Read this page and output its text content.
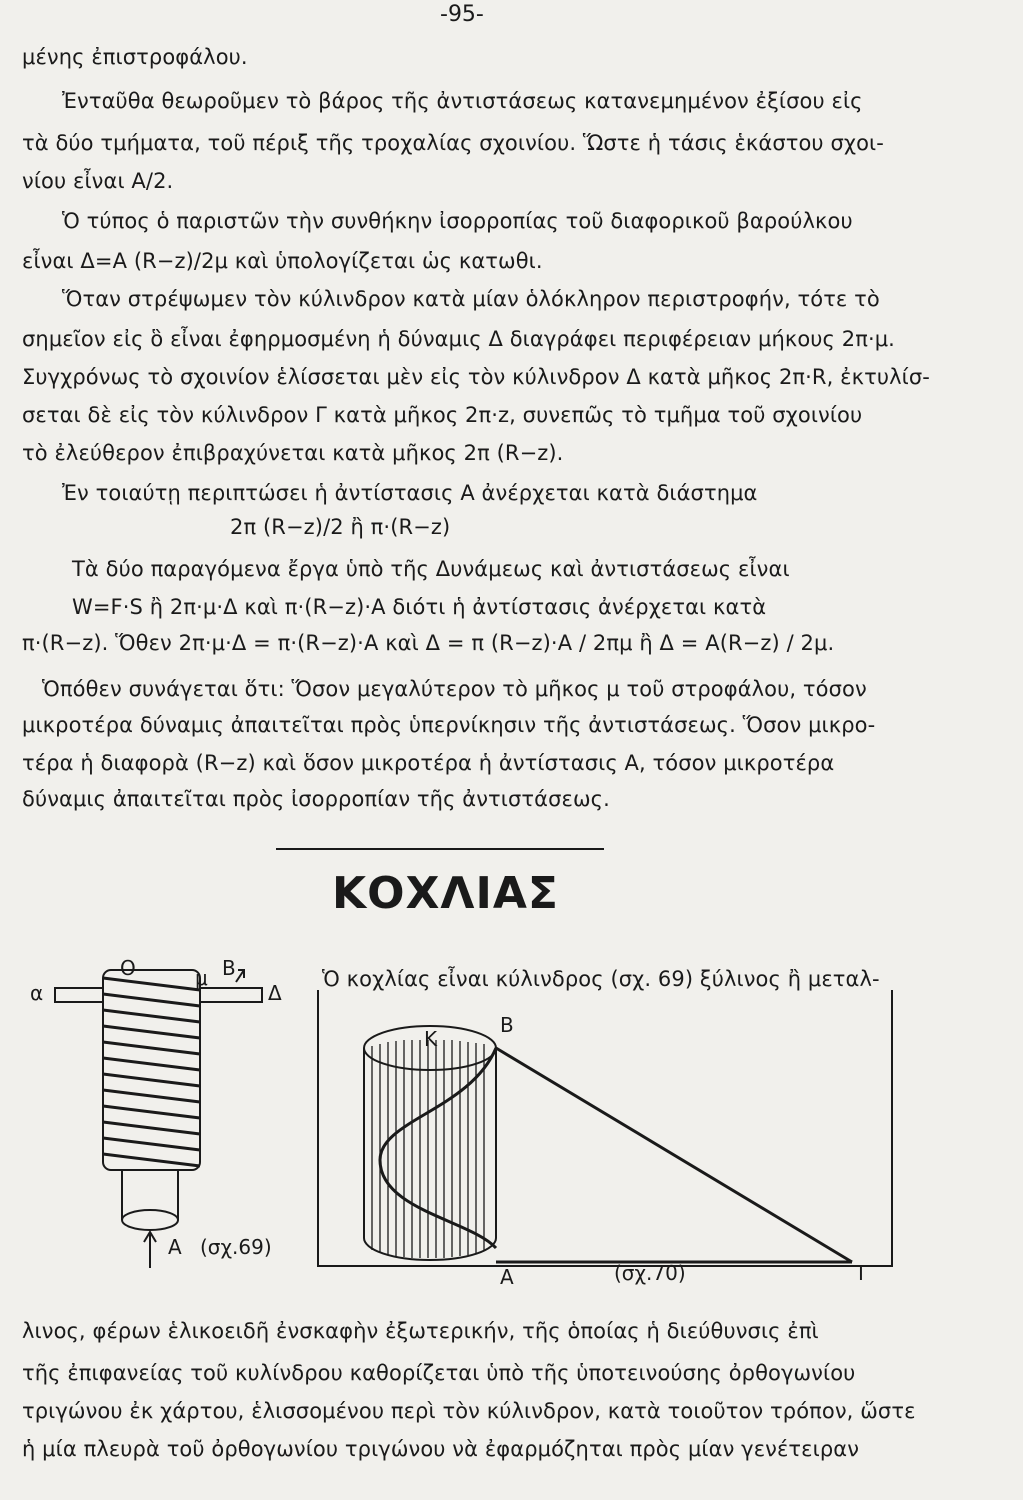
-95-
μένης ἐπιστροφάλου.
Ἐνταῦθα θεωροῦμεν τὸ βάρος τῆς ἀντιστάσεως κατανεμημένον ἐξίσου εἰς
τὰ δύο τμήματα, τοῦ πέριξ τῆς τροχαλίας σχοινίου. Ὥστε ἡ τάσις ἑκάστου σχοι-
νίου εἶναι A/2.
Ὁ τύπος ὁ παριστῶν τὴν συνθήκην ἰσορροπίας τοῦ διαφορικοῦ βαρούλκου
εἶναι Δ=A (R−z)/2μ καὶ ὑπολογίζεται ὡς κατωθι.
Ὅταν στρέψωμεν τὸν κύλινδρον κατὰ μίαν ὁλόκληρον περιστροφήν, τότε τὸ
σημεῖον εἰς ὃ εἶναι ἐφηρμοσμένη ἡ δύναμις Δ διαγράφει περιφέρειαν μήκους 2π·μ.
Συγχρόνως τὸ σχοινίον ἑλίσσεται μὲν εἰς τὸν κύλινδρον Δ κατὰ μῆκος 2π·R, ἐκτυλίσ-
σεται δὲ εἰς τὸν κύλινδρον Γ κατὰ μῆκος 2π·z, συνεπῶς τὸ τμῆμα τοῦ σχοινίου
τὸ ἐλεύθερον ἐπιβραχύνεται κατὰ μῆκος 2π (R−z).
Ἐν τοιαύτῃ περιπτώσει ἡ ἀντίστασις A ἀνέρχεται κατὰ διάστημα
2π (R−z)/2 ἢ π·(R−z)
Τὰ δύο παραγόμενα ἔργα ὑπὸ τῆς Δυνάμεως καὶ ἀντιστάσεως εἶναι
W=F·S ἢ 2π·μ·Δ καὶ π·(R−z)·A διότι ἡ ἀντίστασις ἀνέρχεται κατὰ
π·(R−z). Ὅθεν 2π·μ·Δ = π·(R−z)·A καὶ Δ = π (R−z)·A / 2πμ ἢ Δ = A(R−z) / 2μ.
Ὁπόθεν συνάγεται ὅτι: Ὅσον μεγαλύτερον τὸ μῆκος μ τοῦ στροφάλου, τόσον
μικροτέρα δύναμις ἀπαιτεῖται πρὸς ὑπερνίκησιν τῆς ἀντιστάσεως. Ὅσον μικρο-
τέρα ἡ διαφορὰ (R−z) καὶ ὅσον μικροτέρα ἡ ἀντίστασις A, τόσον μικροτέρα
δύναμις ἀπαιτεῖται πρὸς ἰσορροπίαν τῆς ἀντιστάσεως.
ΚΟΧΛΙΑΣ
Ὁ κοχλίας εἶναι κύλινδρος (σχ. 69) ξύλινος ἢ μεταλ-
α
O	μ B
Δ
A (σχ.69)
K
B
A	Γ
(σχ.70)
λινος, φέρων ἑλικοειδῆ ἐνσκαφὴν ἐξωτερικήν, τῆς ὁποίας ἡ διεύθυνσις ἐπὶ
τῆς ἐπιφανείας τοῦ κυλίνδρου καθορίζεται ὑπὸ τῆς ὑποτεινούσης ὀρθογωνίου
τριγώνου ἐκ χάρτου, ἑλισσομένου περὶ τὸν κύλινδρον, κατὰ τοιοῦτον τρόπον, ὥστε
ἡ μία πλευρὰ τοῦ ὀρθογωνίου τριγώνου νὰ ἐφαρμόζηται πρὸς μίαν γενέτειραν
